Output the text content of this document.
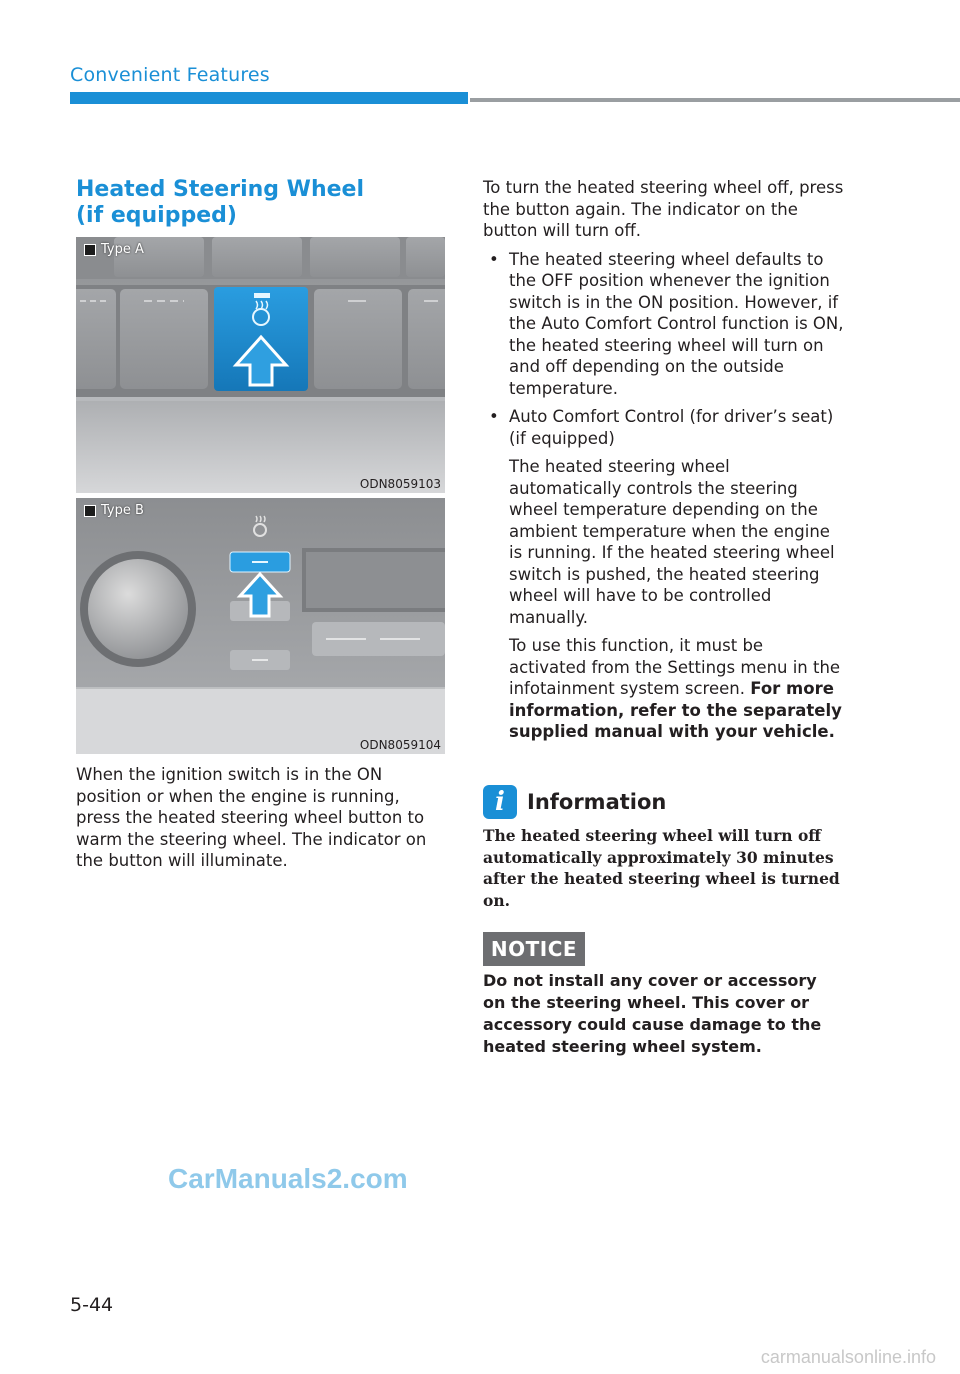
Convenient Features
Heated Steering Wheel
(if equipped)
Type A
ODN8059103
Type B
ODN8059104
When the ignition switch is in the ON position or when the engine is running, press the heated steering wheel button to warm the steering wheel. The indicator on the button will illuminate.
To turn the heated steering wheel off, press the button again. The indicator on the button will turn off.
• The heated steering wheel defaults to the OFF position whenever the ignition switch is in the ON position. However, if the Auto Comfort Control function is ON, the heated steering wheel will turn on and off depending on the outside temperature.
• Auto Comfort Control (for driver’s seat) (if equipped)
The heated steering wheel automatically controls the steering wheel temperature depending on the ambient temperature when the engine is running. If the heated steering wheel switch is pushed, the heated steering wheel will have to be controlled manually.
To use this function, it must be activated from the Settings menu in the infotainment system screen. For more information, refer to the separately supplied manual with your vehicle.
i	Information
The heated steering wheel will turn off automatically approximately 30 minutes after the heated steering wheel is turned on.
NOTICE
Do not install any cover or accessory on the steering wheel. This cover or accessory could cause damage to the heated steering wheel system.
CarManuals2.com
5-44
carmanualsonline.info
